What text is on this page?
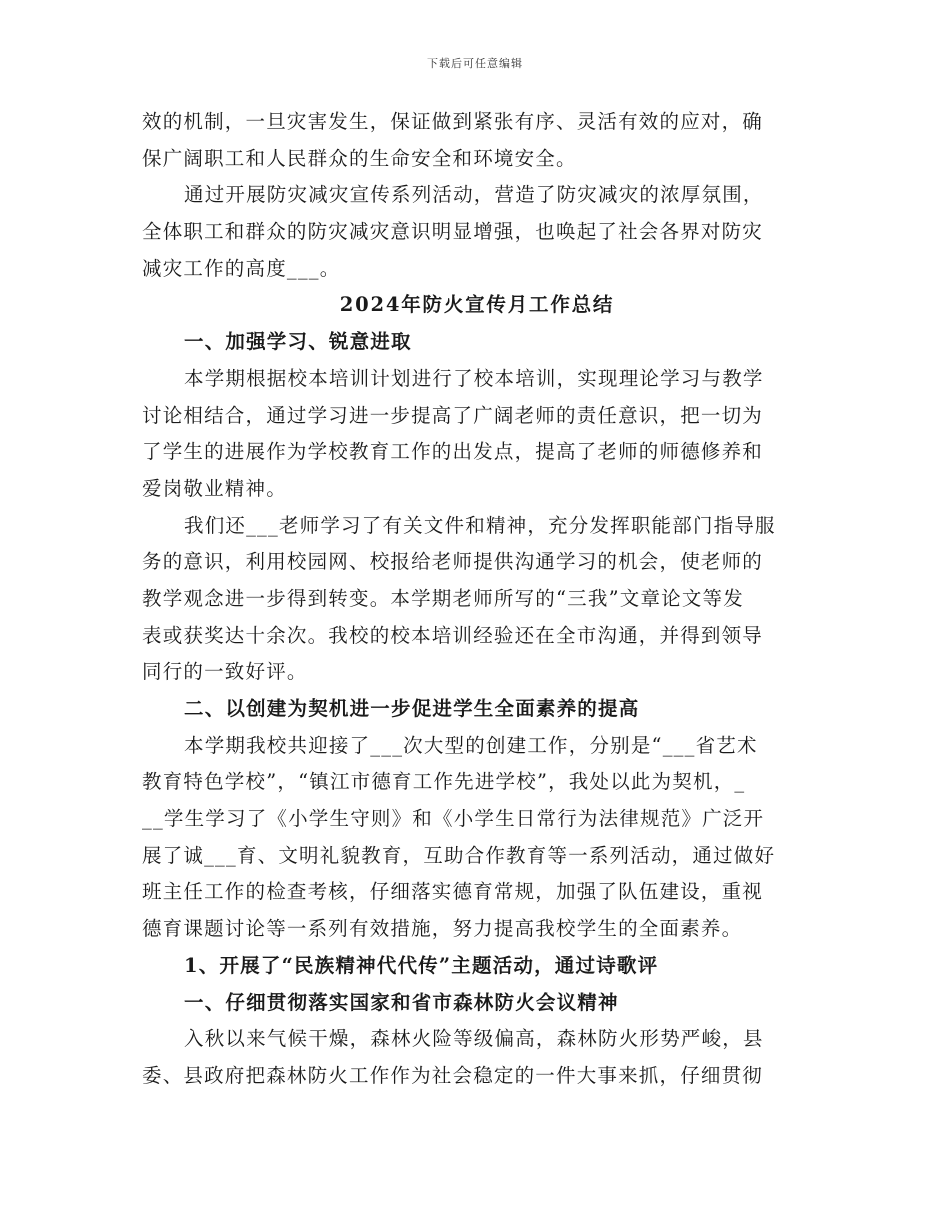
下载后可任意编辑
效的机制，一旦灾害发生，保证做到紧张有序、灵活有效的应对，确
保广阔职工和人民群众的生命安全和环境安全。
通过开展防灾减灾宣传系列活动，营造了防灾减灾的浓厚氛围，
全体职工和群众的防灾减灾意识明显增强，也唤起了社会各界对防灾
减灾工作的高度___。
2024年防火宣传月工作总结
一、加强学习、锐意进取
本学期根据校本培训计划进行了校本培训，实现理论学习与教学
讨论相结合，通过学习进一步提高了广阔老师的责任意识，把一切为
了学生的进展作为学校教育工作的出发点，提高了老师的师德修养和
爱岗敬业精神。
我们还___老师学习了有关文件和精神，充分发挥职能部门指导服
务的意识，利用校园网、校报给老师提供沟通学习的机会，使老师的
教学观念进一步得到转变。本学期老师所写的“三我”文章论文等发
表或获奖达十余次。我校的校本培训经验还在全市沟通，并得到领导
同行的一致好评。
二、以创建为契机进一步促进学生全面素养的提高
本学期我校共迎接了___次大型的创建工作，分别是“___省艺术
教育特色学校”，“镇江市德育工作先进学校”，我处以此为契机，_
__学生学习了《小学生守则》和《小学生日常行为法律规范》广泛开
展了诚___育、文明礼貌教育，互助合作教育等一系列活动，通过做好
班主任工作的检查考核，仔细落实德育常规，加强了队伍建设，重视
德育课题讨论等一系列有效措施，努力提高我校学生的全面素养。
1、开展了“民族精神代代传”主题活动，通过诗歌评
一、仔细贯彻落实国家和省市森林防火会议精神
入秋以来气候干燥，森林火险等级偏高，森林防火形势严峻，县
委、县政府把森林防火工作作为社会稳定的一件大事来抓，仔细贯彻
